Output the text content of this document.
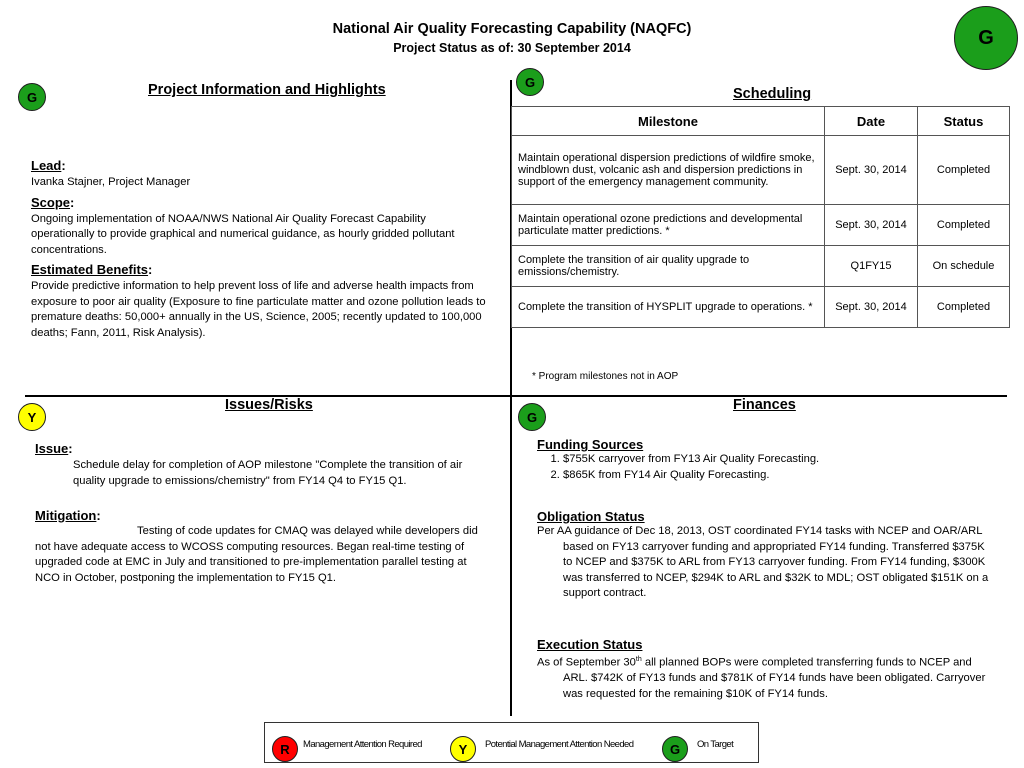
National Air Quality Forecasting Capability (NAQFC)
Project Status as of: 30 September 2014	G
G	Project Information and Highlights
Lead:
Ivanka Stajner, Project Manager
Scope:
Ongoing implementation of NOAA/NWS National Air Quality Forecast Capability operationally to provide graphical and numerical guidance, as hourly gridded pollutant concentrations.
Estimated Benefits:
Provide predictive information to help prevent loss of life and adverse health impacts from exposure to poor air quality (Exposure to fine particulate matter and ozone pollution leads to premature deaths: 50,000+ annually in the US, Science, 2005; recently updated to 100,000 deaths; Fann, 2011, Risk Analysis).
G
Scheduling
Milestone	Date	Status
Maintain operational dispersion predictions of wildfire smoke, windblown dust, volcanic ash and dispersion predictions in support of the emergency management community.	Sept. 30, 2014	Completed
Maintain operational ozone predictions and developmental particulate matter predictions. *	Sept. 30, 2014	Completed
Complete the transition of air quality upgrade to emissions/chemistry.	Q1FY15	On schedule
Complete the transition of HYSPLIT upgrade to operations. *	Sept. 30, 2014	Completed
* Program milestones not in AOP
Y
Issues/Risks
Issue:
Schedule delay for completion of AOP milestone "Complete the transition of air quality upgrade to emissions/chemistry" from FY14 Q4 to FY15 Q1.
Mitigation:
Testing of code updates for CMAQ was delayed while developers did not have adequate access to WCOSS computing resources. Began real-time testing of upgraded code at EMC in July and transitioned to pre-implementation parallel testing at NCO in October, postponing the implementation to FY15 Q1.
G
Finances
Funding Sources
1. $755K carryover from FY13 Air Quality Forecasting.
2. $865K from FY14 Air Quality Forecasting.
Obligation Status
Per AA guidance of Dec 18, 2013, OST coordinated FY14 tasks with NCEP and OAR/ARL based on FY13 carryover funding and appropriated FY14 funding. Transferred $375K to NCEP and $375K to ARL from FY13 carryover funding. From FY14 funding, $300K was transferred to NCEP, $294K to ARL and $32K to MDL; OST obligated $151K on a support contract.
Execution Status
As of September 30th all planned BOPs were completed transferring funds to NCEP and ARL. $742K of FY13 funds and $781K of FY14 funds have been obligated. Carryover was requested for the remaining $10K of FY14 funds.
R	Management Attention Required	Y	Potential Management Attention Needed	G	On Target
